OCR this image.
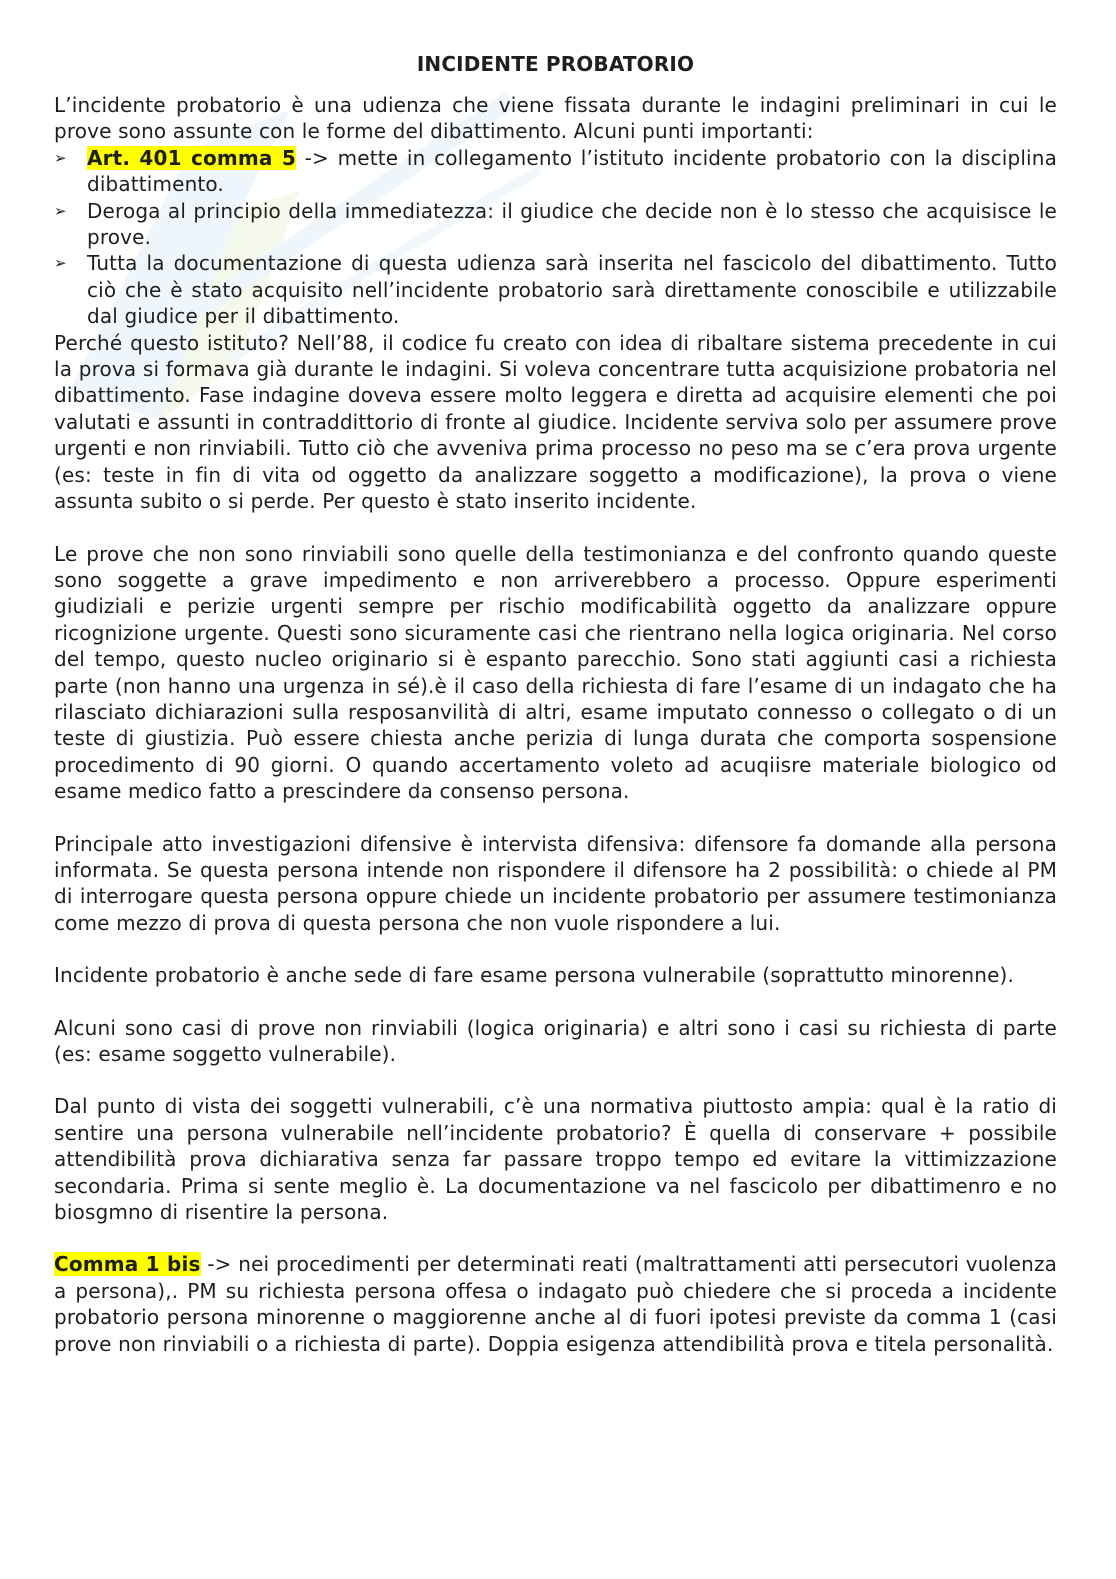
INCIDENTE PROBATORIO

L’incidente probatorio è una udienza che viene fissata durante le indagini preliminari in cui le prove sono assunte con le forme del dibattimento. Alcuni punti importanti:

➢ Art. 401 comma 5 -> mette in collegamento l’istituto incidente probatorio con la disciplina dibattimento.
➢ Deroga al principio della immediatezza: il giudice che decide non è lo stesso che acquisisce le prove.
➢ Tutta la documentazione di questa udienza sarà inserita nel fascicolo del dibattimento. Tutto ciò che è stato acquisito nell’incidente probatorio sarà direttamente conoscibile e utilizzabile dal giudice per il dibattimento.

Perché questo istituto? Nell’88, il codice fu creato con idea di ribaltare sistema precedente in cui la prova si formava già durante le indagini. Si voleva concentrare tutta acquisizione probatoria nel dibattimento. Fase indagine doveva essere molto leggera e diretta ad acquisire elementi che poi valutati e assunti in contraddittorio di fronte al giudice. Incidente serviva solo per assumere prove urgenti e non rinviabili. Tutto ciò che avveniva prima processo no peso ma se c’era prova urgente (es: teste in fin di vita od oggetto da analizzare soggetto a modificazione), la prova o viene assunta subito o si perde. Per questo è stato inserito incidente.

Le prove che non sono rinviabili sono quelle della testimonianza e del confronto quando queste sono soggette a grave impedimento e non arriverebbero a processo. Oppure esperimenti giudiziali e perizie urgenti sempre per rischio modificabilità oggetto da analizzare oppure ricognizione urgente. Questi sono sicuramente casi che rientrano nella logica originaria. Nel corso del tempo, questo nucleo originario si è espanto parecchio. Sono stati aggiunti casi a richiesta parte (non hanno una urgenza in sé).è il caso della richiesta di fare l’esame di un indagato che ha rilasciato dichiarazioni sulla resposanvilità di altri, esame imputato connesso o collegato o di un teste di giustizia. Può essere chiesta anche perizia di lunga durata che comporta sospensione procedimento di 90 giorni. O quando accertamento voleto ad acuqiisre materiale biologico od esame medico fatto a prescindere da consenso persona.

Principale atto investigazioni difensive è intervista difensiva: difensore fa domande alla persona informata. Se questa persona intende non rispondere il difensore ha 2 possibilità: o chiede al PM di interrogare questa persona oppure chiede un incidente probatorio per assumere testimonianza come mezzo di prova di questa persona che non vuole rispondere a lui.

Incidente probatorio è anche sede di fare esame persona vulnerabile (soprattutto minorenne).

Alcuni sono casi di prove non rinviabili (logica originaria) e altri sono i casi su richiesta di parte (es: esame soggetto vulnerabile).

Dal punto di vista dei soggetti vulnerabili, c’è una normativa piuttosto ampia: qual è la ratio di sentire una persona vulnerabile nell’incidente probatorio? È quella di conservare + possibile attendibilità prova dichiarativa senza far passare troppo tempo ed evitare la vittimizzazione secondaria. Prima si sente meglio è. La documentazione va nel fascicolo per dibattimenro e no biosgmno di risentire la persona.

Comma 1 bis -> nei procedimenti per determinati reati (maltrattamenti atti persecutori vuolenza a persona),. PM su richiesta persona offesa o indagato può chiedere che si proceda a incidente probatorio persona minorenne o maggiorenne anche al di fuori ipotesi previste da comma 1 (casi prove non rinviabili o a richiesta di parte). Doppia esigenza attendibilità prova e titela personalità.
